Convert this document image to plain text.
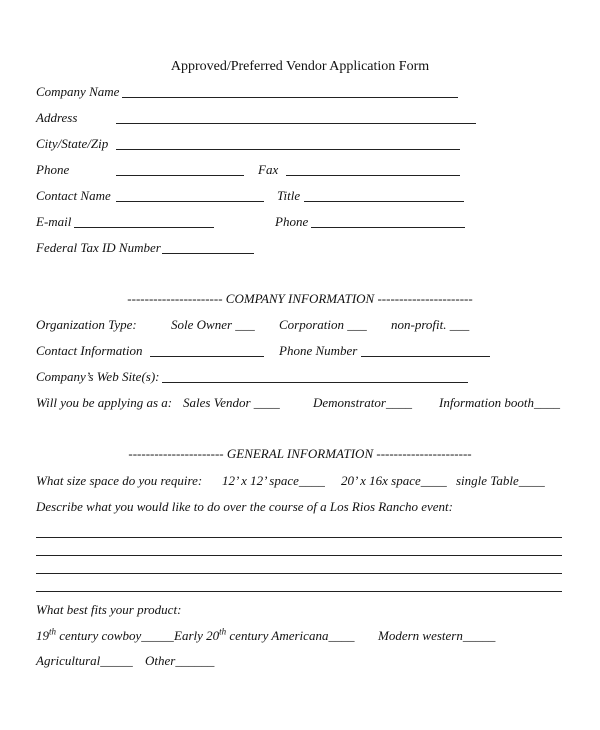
Approved/Preferred Vendor Application Form
Company Name
Address
City/State/Zip
Phone	Fax
Contact Name	Title
E-mail	Phone
Federal Tax ID Number
---------------------- COMPANY INFORMATION ----------------------
Organization Type:	Sole Owner ___ Corporation ___ non-profit. ___
Contact Information	Phone Number
Company’s Web Site(s):
Will you be applying as a: Sales Vendor ____	Demonstrator____ Information booth____
---------------------- GENERAL INFORMATION ----------------------
What size space do you require: 12’ x 12’ space____ 20’ x 16x space____ single Table____
Describe what you would like to do over the course of a Los Rios Rancho event:
What best fits your product:
19th century cowboy_____ Early 20th century Americana____ Modern western_____
Agricultural_____ Other______
